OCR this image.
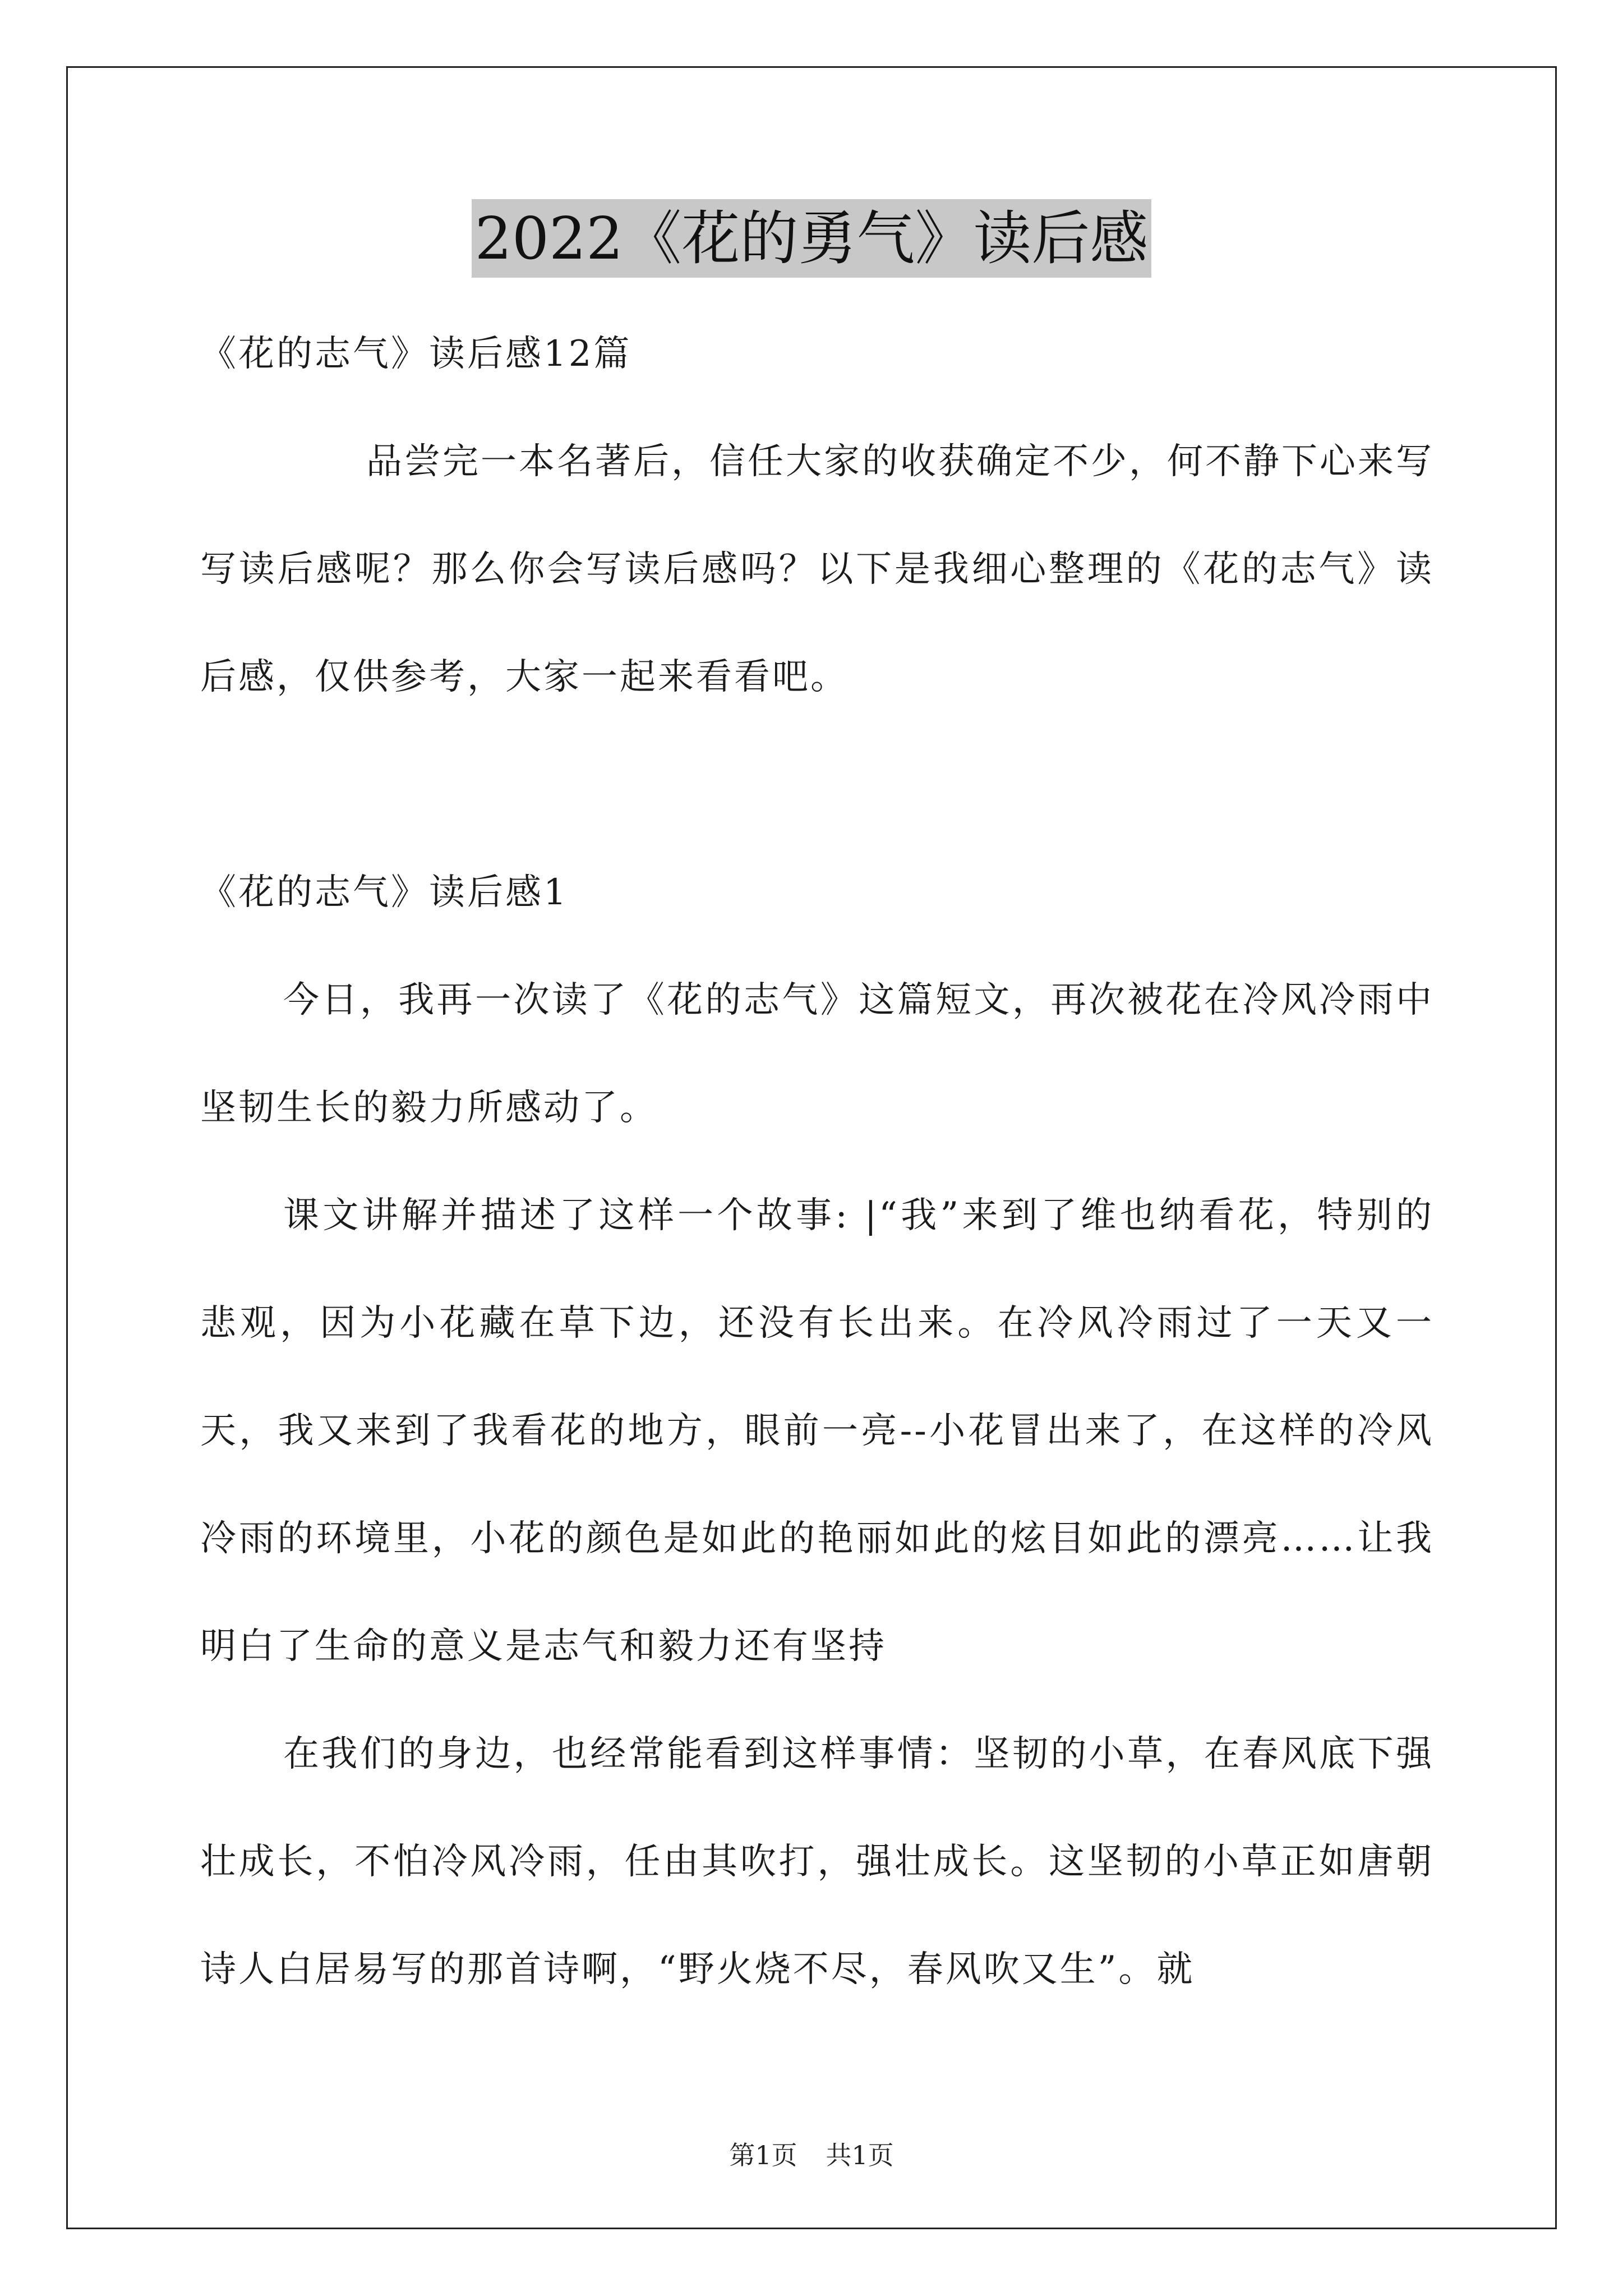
2022《花的勇气》读后感

《花的志气》读后感12篇

品尝完一本名著后，信任大家的收获确定不少，何不静下心来写写读后感呢？那么你会写读后感吗？以下是我细心整理的《花的志气》读后感，仅供参考，大家一起来看看吧。

《花的志气》读后感1

今日，我再一次读了《花的志气》这篇短文，再次被花在冷风冷雨中坚韧生长的毅力所感动了。

课文讲解并描述了这样一个故事: |“我”来到了维也纳看花，特别的悲观，因为小花藏在草下边，还没有长出来。在冷风冷雨过了一天又一天，我又来到了我看花的地方，眼前一亮--小花冒出来了，在这样的冷风冷雨的环境里，小花的颜色是如此的艳丽如此的炫目如此的漂亮……让我明白了生命的意义是志气和毅力还有坚持

在我们的身边，也经常能看到这样事情：坚韧的小草，在春风底下强壮成长，不怕冷风冷雨，任由其吹打，强壮成长。这坚韧的小草正如唐朝诗人白居易写的那首诗啊，“野火烧不尽，春风吹又生”。就

第1页 共1页
